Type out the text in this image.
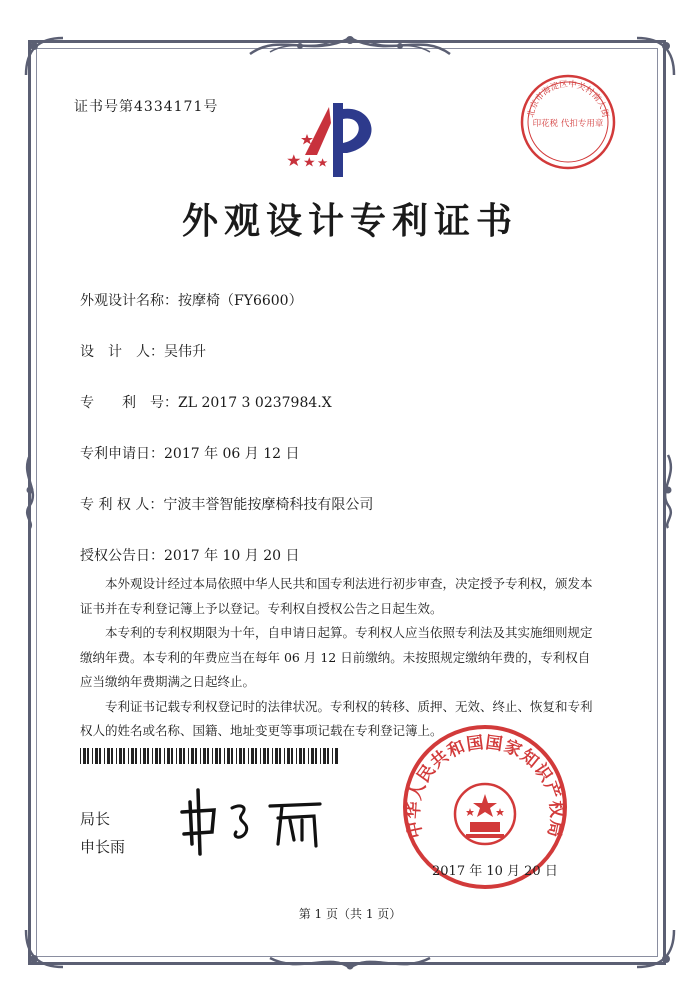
证书号第4334171号	北京市海淀区中关村南大街
印花税 代扣专用章
外观设计专利证书
外观设计名称：按摩椅（FY6600）
设　计　人：吴伟升
专　　利　号：ZL 2017 3 0237984.X
专利申请日：2017 年 06 月 12 日
专 利 权 人：宁波丰誉智能按摩椅科技有限公司
授权公告日：2017 年 10 月 20 日

本外观设计经过本局依照中华人民共和国专利法进行初步审查，决定授予专利权，颁发本证书并在专利登记簿上予以登记。专利权自授权公告之日起生效。

本专利的专利权期限为十年，自申请日起算。专利权人应当依照专利法及其实施细则规定缴纳年费。本专利的年费应当在每年 06 月 12 日前缴纳。未按照规定缴纳年费的，专利权自应当缴纳年费期满之日起终止。

专利证书记载专利权登记时的法律状况。专利权的转移、质押、无效、终止、恢复和专利权人的姓名或名称、国籍、地址变更等事项记载在专利登记簿上。

局长
申长雨
中华人民共和国国家知识产权局
2017 年 10 月 20 日
第 1 页（共 1 页）
